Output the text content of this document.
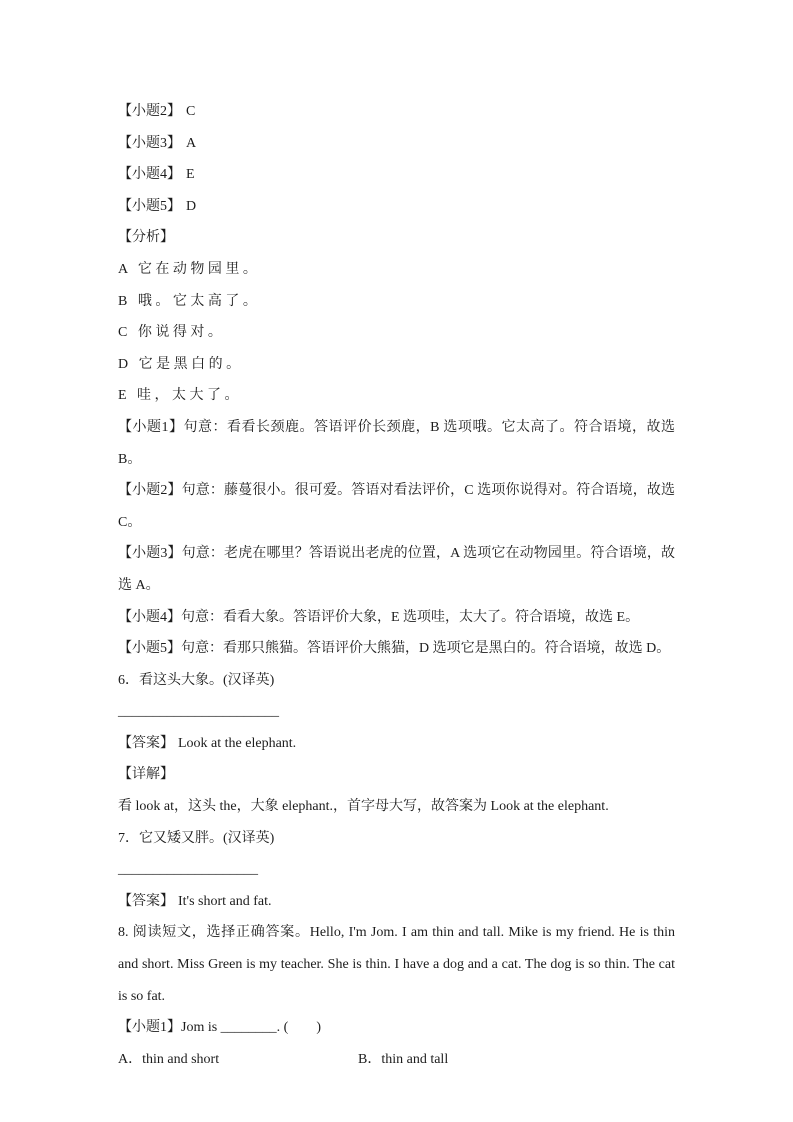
【小题2】 C

【小题3】 A

【小题4】 E

【小题5】 D

【分析】

A 它在动物园里。

B 哦。它太高了。

C 你说得对。

D 它是黑白的。

E 哇，太大了。

【小题1】句意：看看长颈鹿。答语评价长颈鹿，B 选项哦。它太高了。符合语境，故选 B。

【小题2】句意：藤蔓很小。很可爱。答语对看法评价，C 选项你说得对。符合语境，故选 C。

【小题3】句意：老虎在哪里？答语说出老虎的位置，A 选项它在动物园里。符合语境，故选 A。

【小题4】句意：看看大象。答语评价大象，E 选项哇，太大了。符合语境，故选 E。

【小题5】句意：看那只熊猫。答语评价大熊猫，D 选项它是黑白的。符合语境，故选 D。

6．看这头大象。(汉译英)

_______________________

【答案】 Look at the elephant.

【详解】

看 look at，这头 the，大象 elephant.，首字母大写，故答案为 Look at the elephant.

7．它又矮又胖。(汉译英)

____________________

【答案】 It's short and fat.

8. 阅读短文，选择正确答案。Hello, I'm Jom. I am thin and tall. Mike is my friend. He is thin and short. Miss Green is my teacher. She is thin. I have a dog and a cat. The dog is so thin. The cat is so fat.

【小题1】Jom is ________. (　　)

A．thin and short	B．thin and tall
